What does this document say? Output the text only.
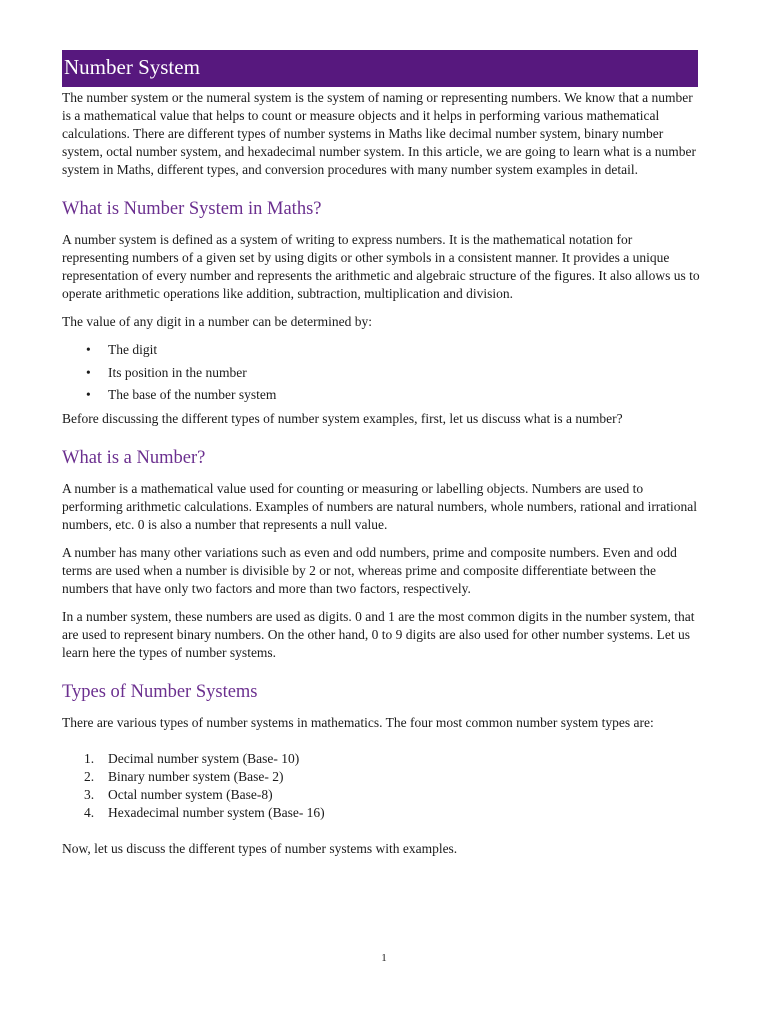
Number System

The number system or the numeral system is the system of naming or representing numbers. We know that a number is a mathematical value that helps to count or measure objects and it helps in performing various mathematical calculations. There are different types of number systems in Maths like decimal number system, binary number system, octal number system, and hexadecimal number system. In this article, we are going to learn what is a number system in Maths, different types, and conversion procedures with many number system examples in detail.

What is Number System in Maths?

A number system is defined as a system of writing to express numbers. It is the mathematical notation for representing numbers of a given set by using digits or other symbols in a consistent manner. It provides a unique representation of every number and represents the arithmetic and algebraic structure of the figures. It also allows us to operate arithmetic operations like addition, subtraction, multiplication and division.

The value of any digit in a number can be determined by:

• The digit
• Its position in the number
• The base of the number system

Before discussing the different types of number system examples, first, let us discuss what is a number?

What is a Number?

A number is a mathematical value used for counting or measuring or labelling objects. Numbers are used to performing arithmetic calculations. Examples of numbers are natural numbers, whole numbers, rational and irrational numbers, etc. 0 is also a number that represents a null value.

A number has many other variations such as even and odd numbers, prime and composite numbers. Even and odd terms are used when a number is divisible by 2 or not, whereas prime and composite differentiate between the numbers that have only two factors and more than two factors, respectively.

In a number system, these numbers are used as digits. 0 and 1 are the most common digits in the number system, that are used to represent binary numbers. On the other hand, 0 to 9 digits are also used for other number systems. Let us learn here the types of number systems.

Types of Number Systems

There are various types of number systems in mathematics. The four most common number system types are:

1. Decimal number system (Base- 10)
2. Binary number system (Base- 2)
3. Octal number system (Base-8)
4. Hexadecimal number system (Base- 16)

Now, let us discuss the different types of number systems with examples.

1
